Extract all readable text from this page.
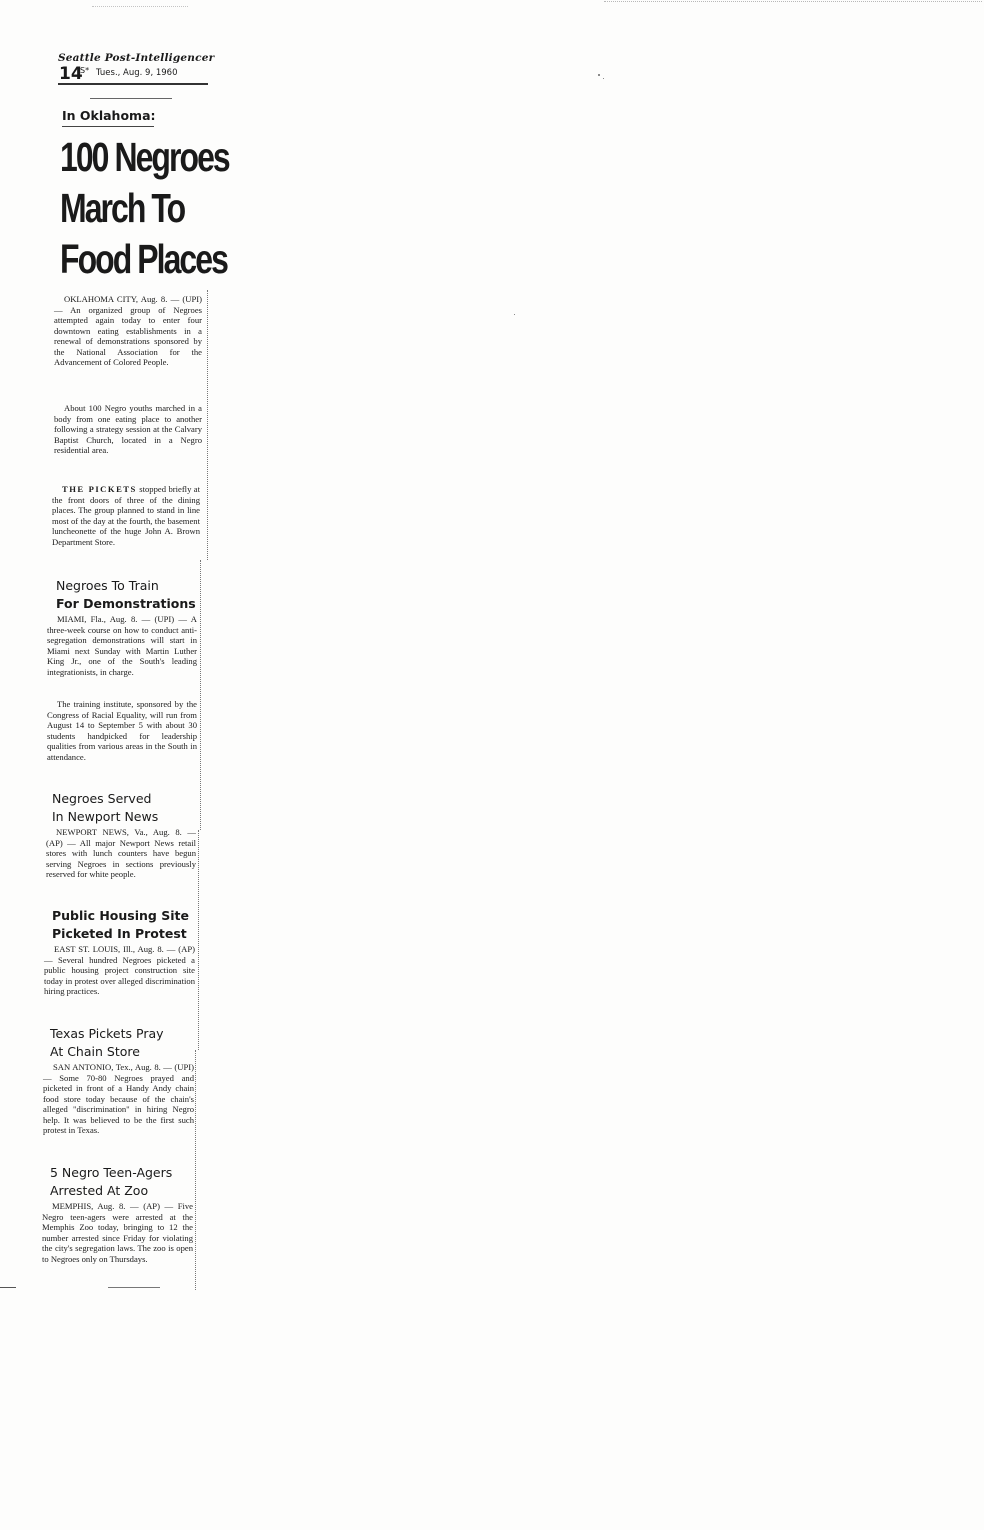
Seattle Post-Intelligencer
14
S* Tues., Aug. 9, 1960
In Oklahoma:
100 Negroes
March To
Food Places

OKLAHOMA CITY, Aug. 8. — (UPI) — An organized group of Negroes attempted again today to enter four downtown eating establishments in a renewal of demonstrations sponsored by the National Association for the Advancement of Colored People.

About 100 Negro youths marched in a body from one eating place to another following a strategy session at the Calvary Baptist Church, located in a Negro residential area.

THE PICKETS stopped briefly at the front doors of three of the dining places. The group planned to stand in line most of the day at the fourth, the basement luncheonette of the huge John A. Brown Department Store.

Negroes To Train
For Demonstrations

MIAMI, Fla., Aug. 8. — (UPI) — A three-week course on how to conduct anti-segregation demonstrations will start in Miami next Sunday with Martin Luther King Jr., one of the South's leading integrationists, in charge.

The training institute, sponsored by the Congress of Racial Equality, will run from August 14 to September 5 with about 30 students handpicked for leadership qualities from various areas in the South in attendance.

Negroes Served
In Newport News

NEWPORT NEWS, Va., Aug. 8. — (AP) — All major Newport News retail stores with lunch counters have begun serving Negroes in sections previously reserved for white people.

Public Housing Site
Picketed In Protest

EAST ST. LOUIS, Ill., Aug. 8. — (AP) — Several hundred Negroes picketed a public housing project construction site today in protest over alleged discrimination hiring practices.

Texas Pickets Pray
At Chain Store

SAN ANTONIO, Tex., Aug. 8. — (UPI) — Some 70-80 Negroes prayed and picketed in front of a Handy Andy chain food store today because of the chain's alleged "discrimination" in hiring Negro help. It was believed to be the first such protest in Texas.

5 Negro Teen-Agers
Arrested At Zoo

MEMPHIS, Aug. 8. — (AP) — Five Negro teen-agers were arrested at the Memphis Zoo today, bringing to 12 the number arrested since Friday for violating the city's segregation laws. The zoo is open to Negroes only on Thursdays.
